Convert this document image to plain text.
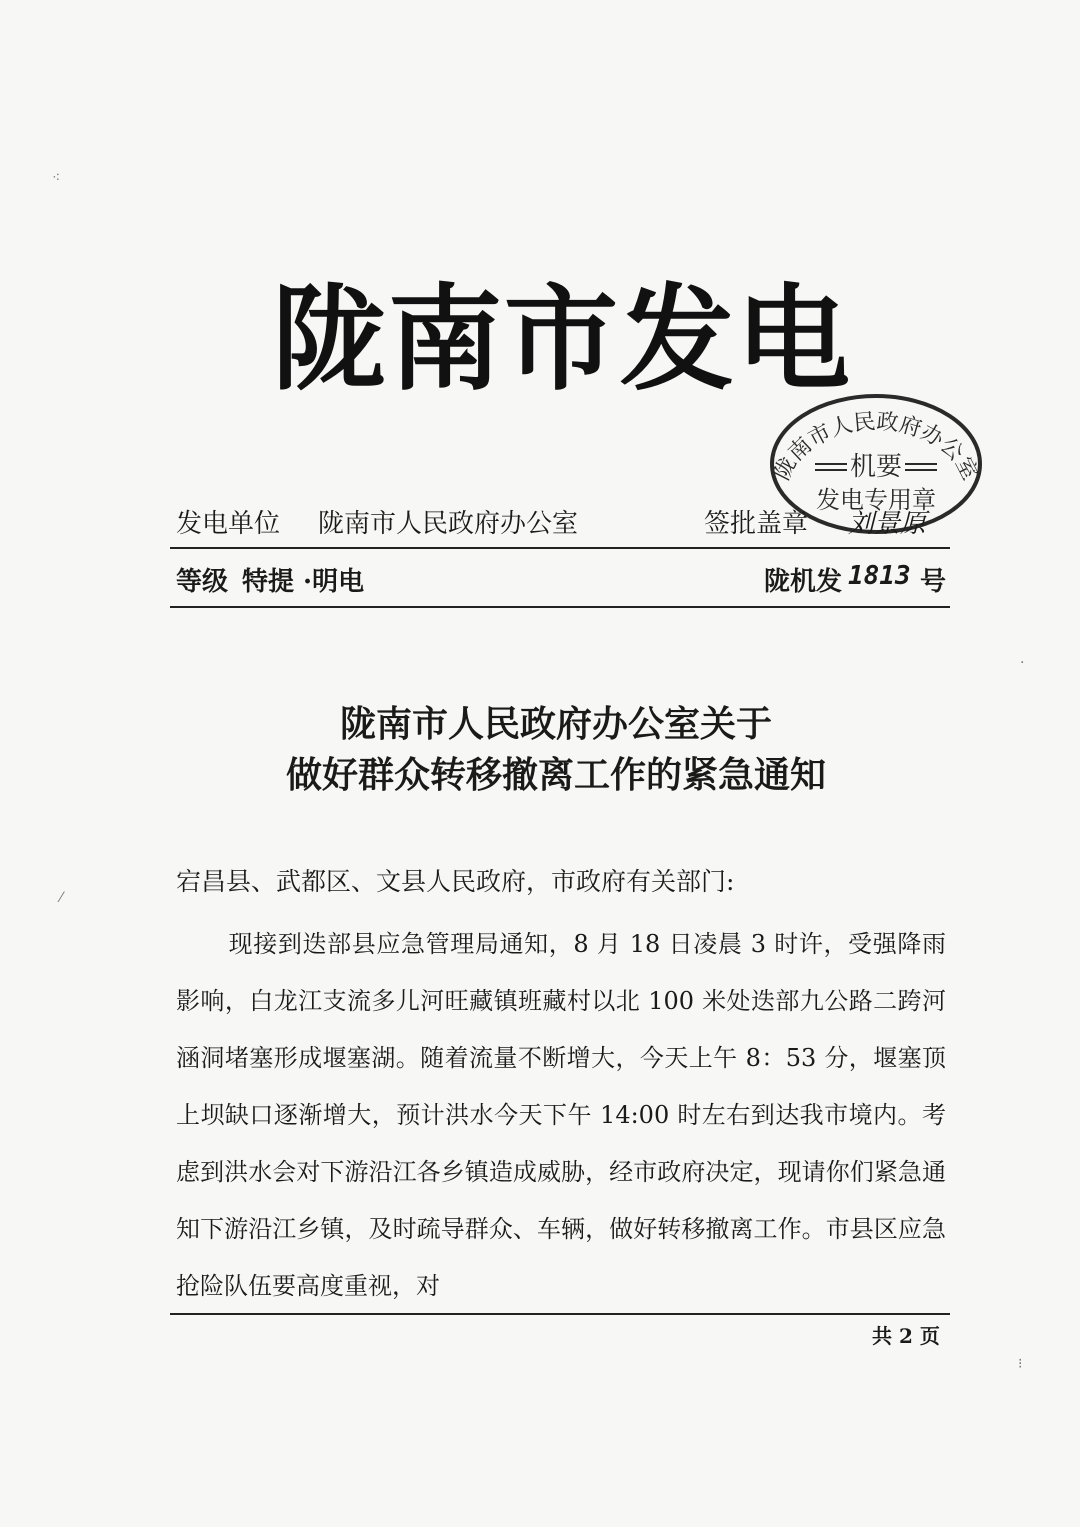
陇南市发电
陇南市人民政府办公室
机要
发电专用章
发电单位 陇南市人民政府办公室	签批盖章 刘景原
等级 特提 ·明电	陇机发 1813 号
陇南市人民政府办公室关于
做好群众转移撤离工作的紧急通知
宕昌县、武都区、文县人民政府，市政府有关部门:
现接到迭部县应急管理局通知，8 月 18 日凌晨 3 时许，受强降雨影响，白龙江支流多儿河旺藏镇班藏村以北 100 米处迭部九公路二跨河涵洞堵塞形成堰塞湖。随着流量不断增大，今天上午 8：53 分，堰塞顶上坝缺口逐渐增大，预计洪水今天下午 14:00 时左右到达我市境内。考虑到洪水会对下游沿江各乡镇造成威胁，经市政府决定，现请你们紧急通知下游沿江乡镇，及时疏导群众、车辆，做好转移撤离工作。市县区应急抢险队伍要高度重视，对
共 2 页
⁖
⁄
⁝
·
